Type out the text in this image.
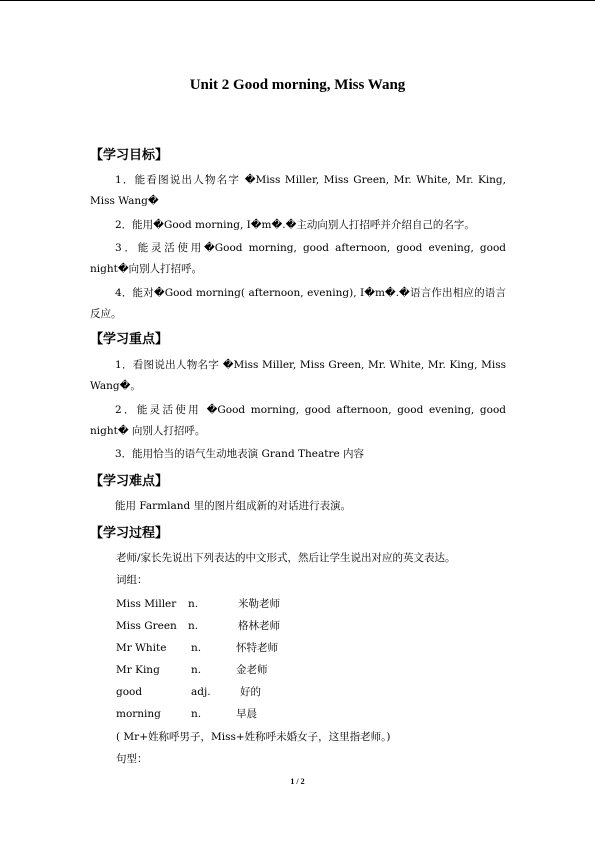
Unit 2 Good morning, Miss Wang
【学习目标】
1．能看图说出人物名字 �Miss Miller, Miss Green, Mr. White, Mr. King, Miss Wang�
2．能用�Good morning, I�m�.�主动向别人打招呼并介绍自己的名字。
3．能灵活使用�Good morning, good afternoon, good evening, good night�向别人打招呼。
4．能对�Good morning( afternoon, evening), I�m�.�语言作出相应的语言反应。
【学习重点】
1．看图说出人物名字 �Miss Miller, Miss Green, Mr. White, Mr. King, Miss Wang�。
2．能灵活使用 �Good morning, good afternoon, good evening, good night� 向别人打招呼。
3．能用恰当的语气生动地表演 Grand Theatre 内容
【学习难点】
能用 Farmland 里的图片组成新的对话进行表演。
【学习过程】
老师/家长先说出下列表达的中文形式，然后让学生说出对应的英文表达。
词组：
Miss Miller n.	米勒老师
Miss Green n.	格林老师
Mr White n.	怀特老师
Mr King	n.	金老师
good	adj.	好的
morning	n.	早晨
( Mr+姓称呼男子，Miss+姓称呼未婚女子，这里指老师。)
句型：
1 / 2
